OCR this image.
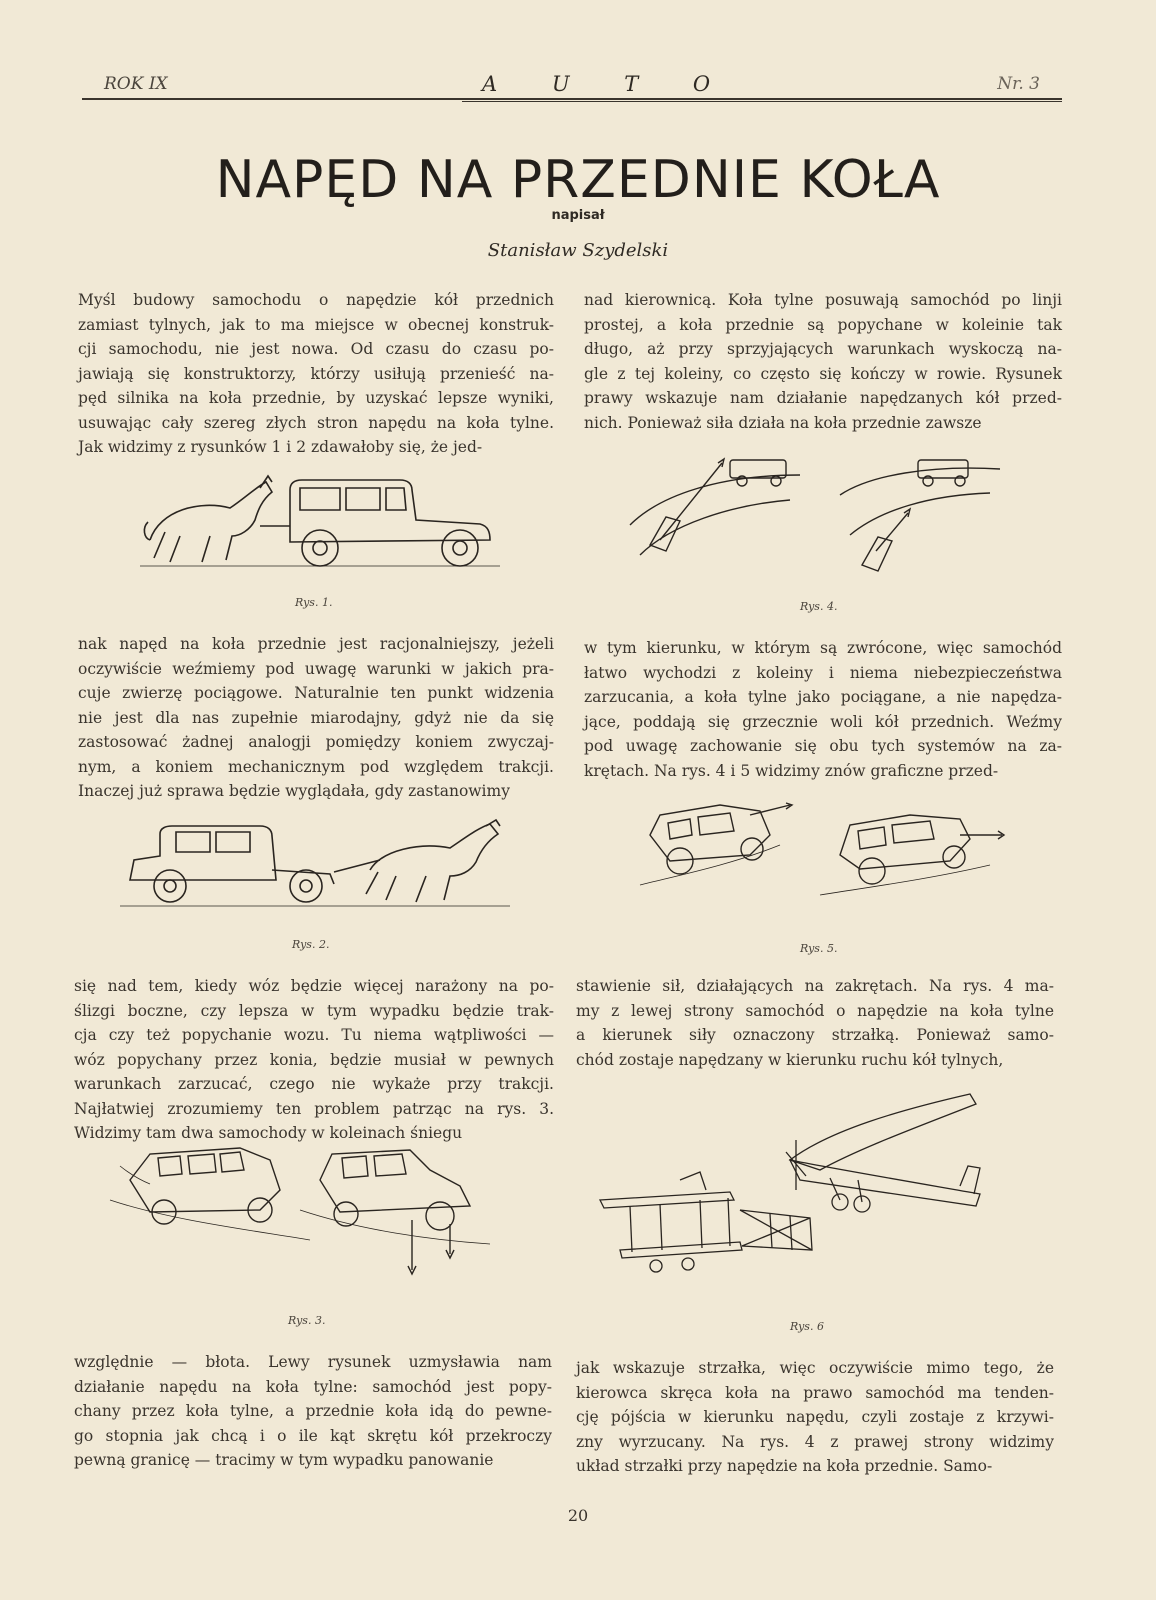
ROK IX	A U T O	Nr. 3
NAPĘD NA PRZEDNIE KOŁA
napisał
Stanisław Szydelski

Myśl budowy samochodu o napędzie kół przednich
zamiast tylnych, jak to ma miejsce w obecnej konstruk-
cji samochodu, nie jest nowa. Od czasu do czasu po-
jawiają się konstruktorzy, którzy usiłują przenieść na-
pęd silnika na koła przednie, by uzyskać lepsze wyniki,
usuwając cały szereg złych stron napędu na koła tylne.
Jak widzimy z rysunków 1 i 2 zdawałoby się, że jed-

nad kierownicą. Koła tylne posuwają samochód po linji
prostej, a koła przednie są popychane w koleinie tak
długo, aż przy sprzyjających warunkach wyskoczą na-
gle z tej koleiny, co często się kończy w rowie. Rysunek
prawy wskazuje nam działanie napędzanych kół przed-
nich. Ponieważ siła działa na koła przednie zawsze

nak napęd na koła przednie jest racjonalniejszy, jeżeli
oczywiście weźmiemy pod uwagę warunki w jakich pra-
cuje zwierzę pociągowe. Naturalnie ten punkt widzenia
nie jest dla nas zupełnie miarodajny, gdyż nie da się
zastosować żadnej analogji pomiędzy koniem zwyczaj-
nym, a koniem mechanicznym pod względem trakcji.
Inaczej już sprawa będzie wyglądała, gdy zastanowimy

w tym kierunku, w którym są zwrócone, więc samochód
łatwo wychodzi z koleiny i niema niebezpieczeństwa
zarzucania, a koła tylne jako pociągane, a nie napędza-
jące, poddają się grzecznie woli kół przednich. Weźmy
pod uwagę zachowanie się obu tych systemów na za-
krętach. Na rys. 4 i 5 widzimy znów graficzne przed-

się nad tem, kiedy wóz będzie więcej narażony na po-
ślizgi boczne, czy lepsza w tym wypadku będzie trak-
cja czy też popychanie wozu. Tu niema wątpliwości —
wóz popychany przez konia, będzie musiał w pewnych
warunkach zarzucać, czego nie wykaże przy trakcji.
Najłatwiej zrozumiemy ten problem patrząc na rys. 3.
Widzimy tam dwa samochody w koleinach śniegu

stawienie sił, działających na zakrętach. Na rys. 4 ma-
my z lewej strony samochód o napędzie na koła tylne
a kierunek siły oznaczony strzałką. Ponieważ samo-
chód zostaje napędzany w kierunku ruchu kół tylnych,

względnie — błota. Lewy rysunek uzmysławia nam
działanie napędu na koła tylne: samochód jest popy-
chany przez koła tylne, a przednie koła idą do pewne-
go stopnia jak chcą i o ile kąt skrętu kół przekroczy
pewną granicę — tracimy w tym wypadku panowanie

jak wskazuje strzałka, więc oczywiście mimo tego, że
kierowca skręca koła na prawo samochód ma tenden-
cję pójścia w kierunku napędu, czyli zostaje z krzywi-
zny wyrzucany. Na rys. 4 z prawej strony widzimy
układ strzałki przy napędzie na koła przednie. Samo-

Rys. 1.	Rys. 4.
Rys. 2.	Rys. 5.
Rys. 3.	Rys. 6
20
